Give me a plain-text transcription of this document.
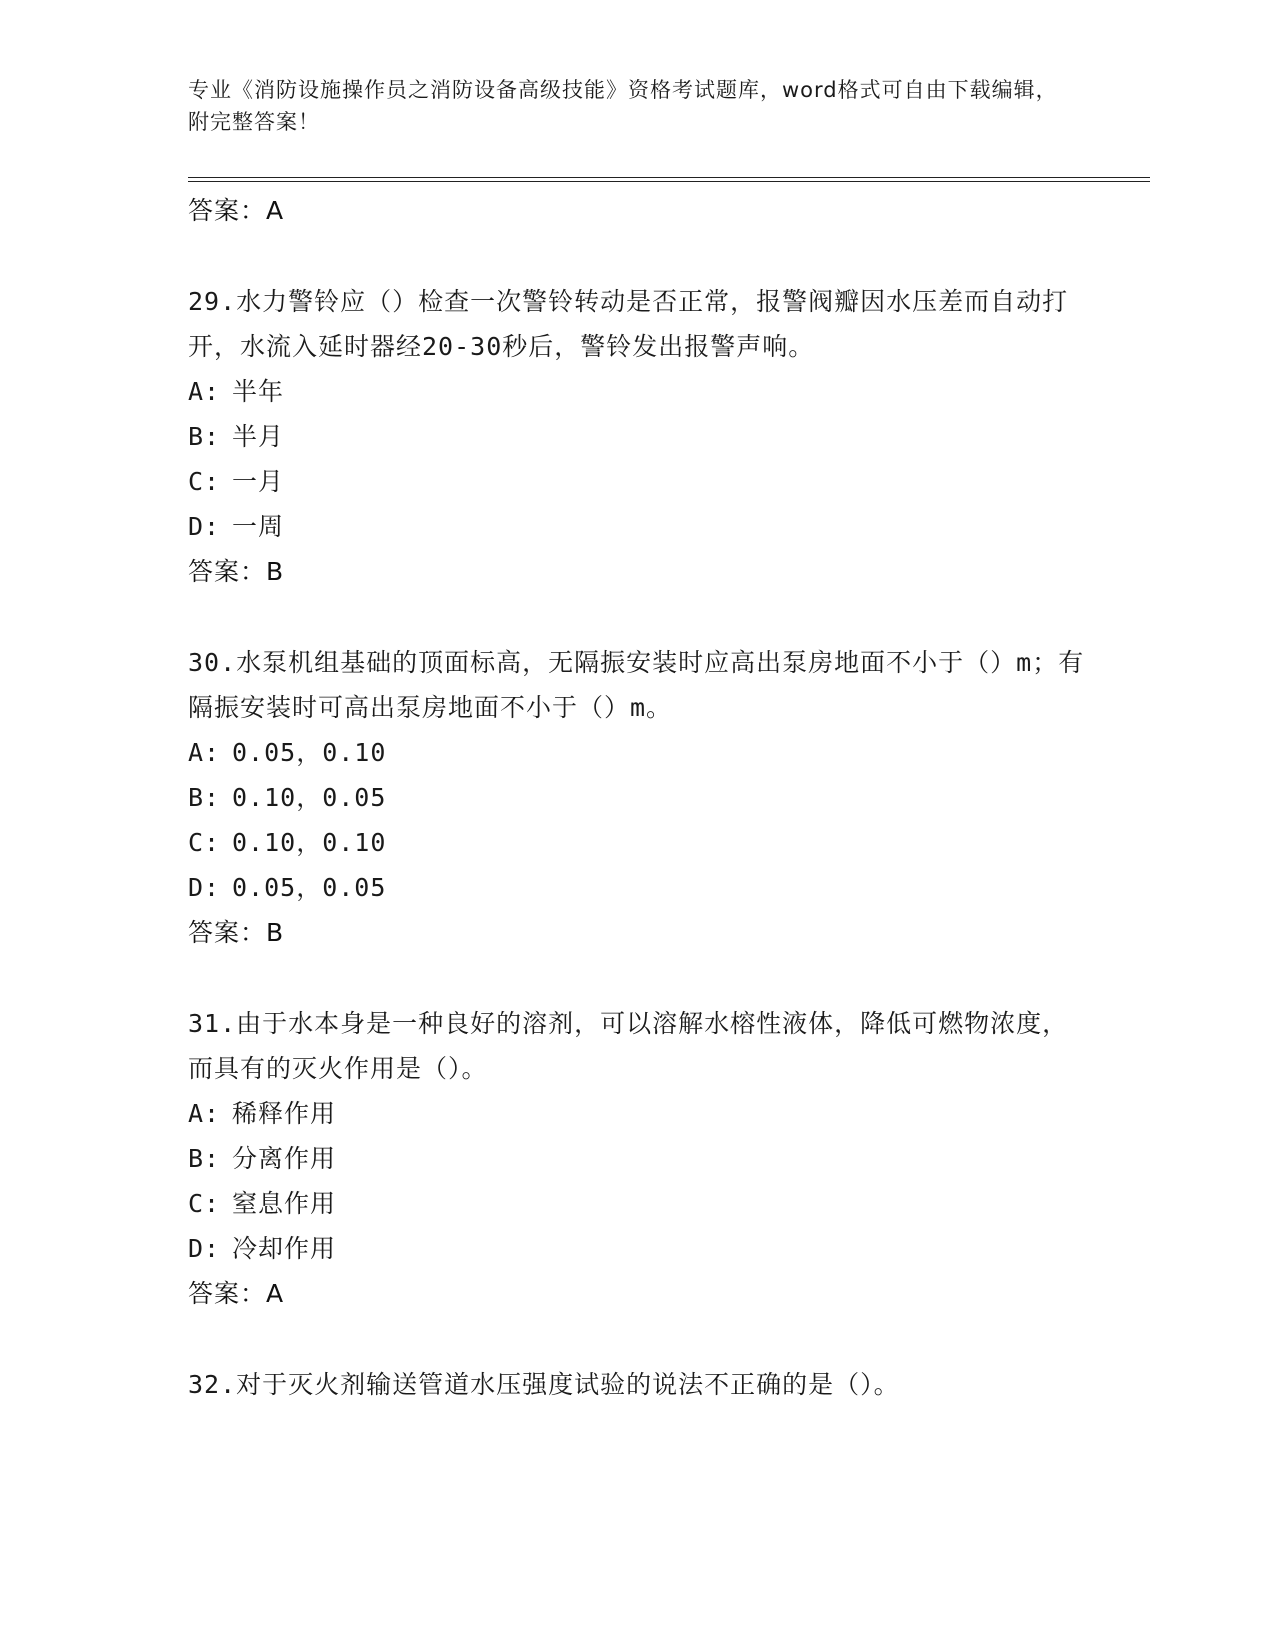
专业《消防设施操作员之消防设备高级技能》资格考试题库，word格式可自由下载编辑，附完整答案！
答案：A

29.水力警铃应（）检查一次警铃转动是否正常，报警阀瓣因水压差而自动打开，水流入延时器经20-30秒后，警铃发出报警声响。

A: 半年
B: 半月
C: 一月
D: 一周
答案：B

30.水泵机组基础的顶面标高，无隔振安装时应高出泵房地面不小于（）m；有隔振安装时可高出泵房地面不小于（）m。

A: 0.05，0.10
B: 0.10，0.05
C: 0.10，0.10
D: 0.05，0.05
答案：B

31.由于水本身是一种良好的溶剂，可以溶解水榕性液体，降低可燃物浓度，而具有的灭火作用是（）。

A: 稀释作用
B: 分离作用
C: 窒息作用
D: 冷却作用
答案：A

32.对于灭火剂输送管道水压强度试验的说法不正确的是（）。
